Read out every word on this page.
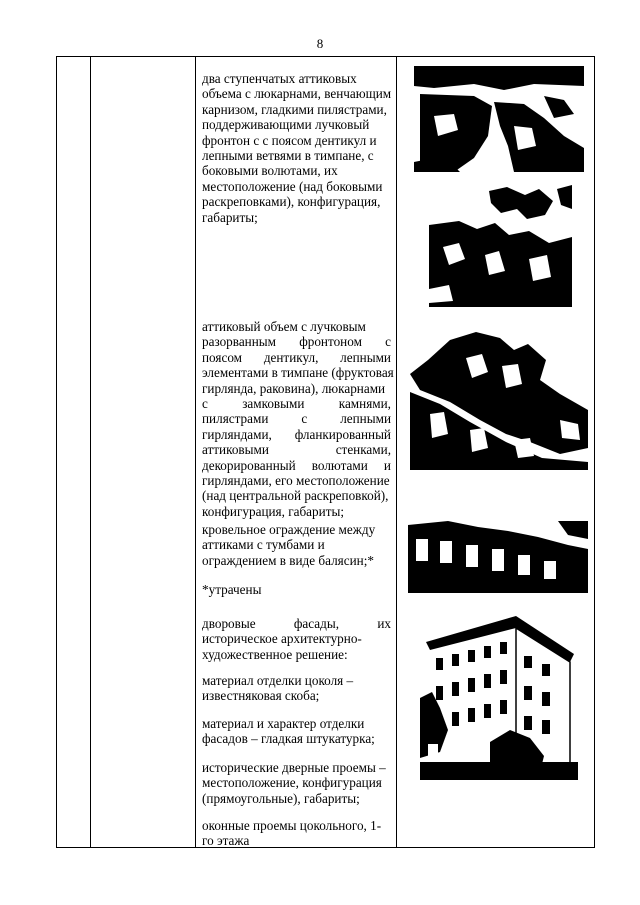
8
два ступенчатых аттиковых
объема с люкарнами, венчающим
карнизом, гладкими пилястрами,
поддерживающими лучковый
фронтон с с поясом дентикул и
лепными ветвями в тимпане, с
боковыми волютами, их
местоположение (над боковыми
раскреповками), конфигурация,
габариты;
аттиковый объем с лучковым
разорванным фронтоном с
поясом дентикул, лепными
элементами в тимпане (фруктовая
гирлянда, раковина), люкарнами
с	замковыми	камнями,
пилястрами с лепными
гирляндами, фланкированный
аттиковыми	стенками,
декорированный волютами и
гирляндами, его местоположение
(над центральной раскреповкой),
конфигурация, габариты;
кровельное ограждение между
аттиками с тумбами и
ограждением в виде балясин;*
*утрачены
дворовые	фасады,	их
историческое архитектурно-
художественное решение:
материал отделки цоколя –
известняковая скоба;
материал и характер отделки
фасадов – гладкая штукатурка;
исторические дверные проемы –
местоположение, конфигурация
(прямоугольные), габариты;
оконные проемы цокольного, 1-
го этажа
